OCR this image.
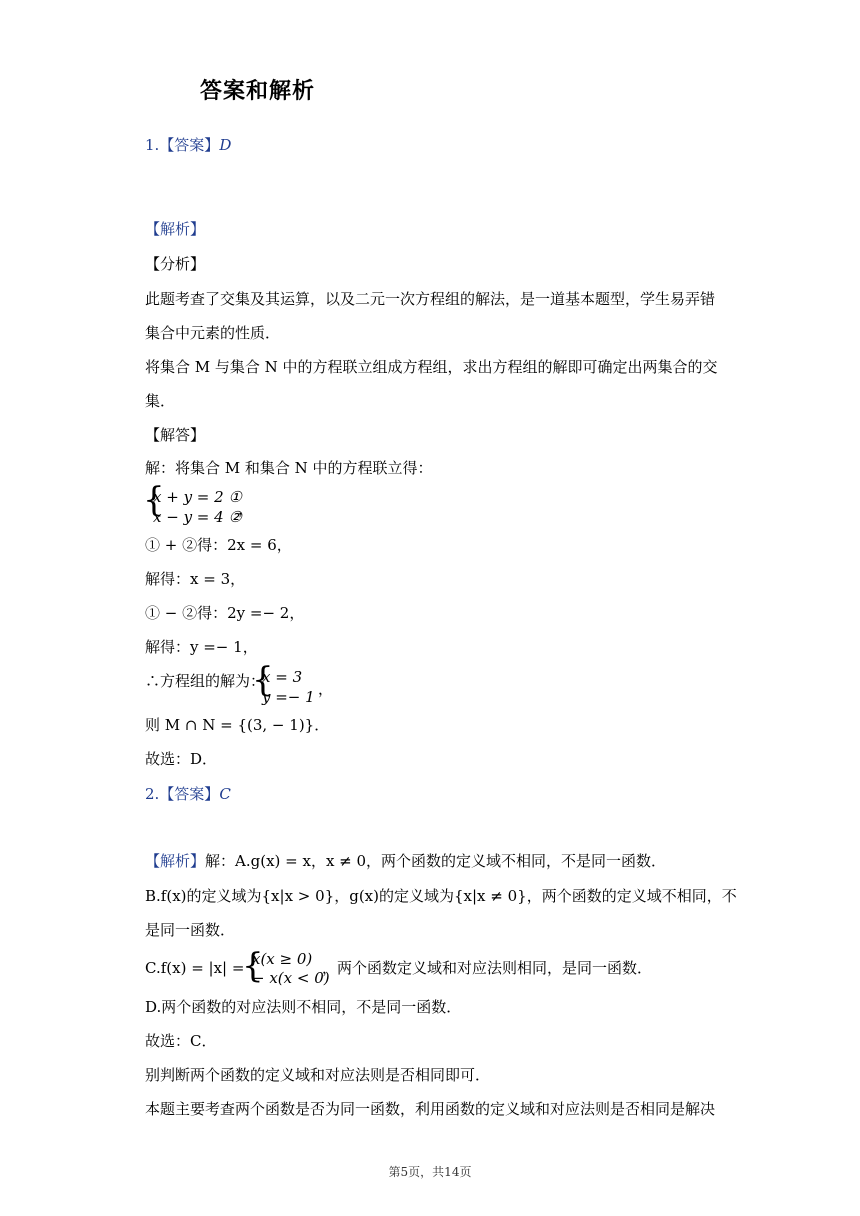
答案和解析
1.【答案】D
【解析】
【分析】
此题考查了交集及其运算，以及二元一次方程组的解法，是一道基本题型，学生易弄错
集合中元素的性质．
将集合 M 与集合 N 中的方程联立组成方程组，求出方程组的解即可确定出两集合的交
集．
【解答】
解：将集合 M 和集合 N 中的方程联立得：
{
x + y = 2 ①
x − y = 4 ②
，
① + ②得：2x = 6，
解得：x = 3，
① − ②得：2y =− 2，
解得：y =− 1，
∴方程组的解为：
{
x = 3
y =− 1 ，
则 M ∩ N = {(3, − 1)}．
故选：D．
2.【答案】C
【解析】解：A.g(x) = x，x ≠ 0，两个函数的定义域不相同，不是同一函数．
B.f(x)的定义域为{x|x > 0}，g(x)的定义域为{x|x ≠ 0}，两个函数的定义域不相同，不
是同一函数．
C.f(x) = |x| =
{
x(x ≥ 0)
− x(x < 0)
，两个函数定义域和对应法则相同，是同一函数．
D.两个函数的对应法则不相同，不是同一函数．
故选：C．
别判断两个函数的定义域和对应法则是否相同即可．
本题主要考查两个函数是否为同一函数，利用函数的定义域和对应法则是否相同是解决
第5页，共14页
